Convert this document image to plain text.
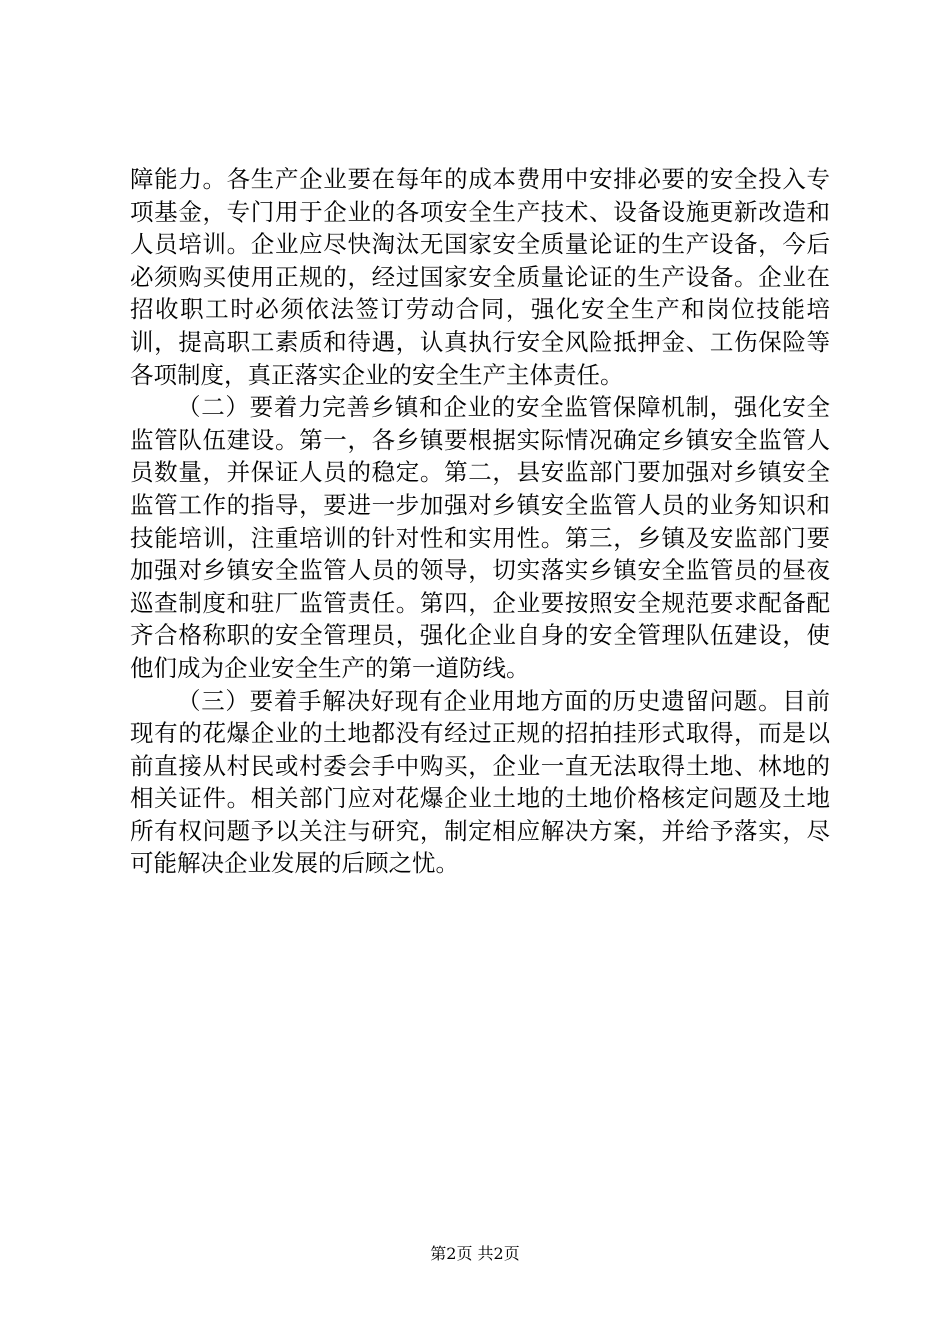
障能力。各生产企业要在每年的成本费用中安排必要的安全投入专项基金，专门用于企业的各项安全生产技术、设备设施更新改造和人员培训。企业应尽快淘汰无国家安全质量论证的生产设备，今后必须购买使用正规的，经过国家安全质量论证的生产设备。企业在招收职工时必须依法签订劳动合同，强化安全生产和岗位技能培训，提高职工素质和待遇，认真执行安全风险抵押金、工伤保险等各项制度，真正落实企业的安全生产主体责任。

（二）要着力完善乡镇和企业的安全监管保障机制，强化安全监管队伍建设。第一，各乡镇要根据实际情况确定乡镇安全监管人员数量，并保证人员的稳定。第二，县安监部门要加强对乡镇安全监管工作的指导，要进一步加强对乡镇安全监管人员的业务知识和技能培训，注重培训的针对性和实用性。第三，乡镇及安监部门要加强对乡镇安全监管人员的领导，切实落实乡镇安全监管员的昼夜巡查制度和驻厂监管责任。第四，企业要按照安全规范要求配备配齐合格称职的安全管理员，强化企业自身的安全管理队伍建设，使他们成为企业安全生产的第一道防线。

（三）要着手解决好现有企业用地方面的历史遗留问题。目前现有的花爆企业的土地都没有经过正规的招拍挂形式取得，而是以前直接从村民或村委会手中购买，企业一直无法取得土地、林地的相关证件。相关部门应对花爆企业土地的土地价格核定问题及土地所有权问题予以关注与研究，制定相应解决方案，并给予落实，尽可能解决企业发展的后顾之忧。

第2页 共2页
